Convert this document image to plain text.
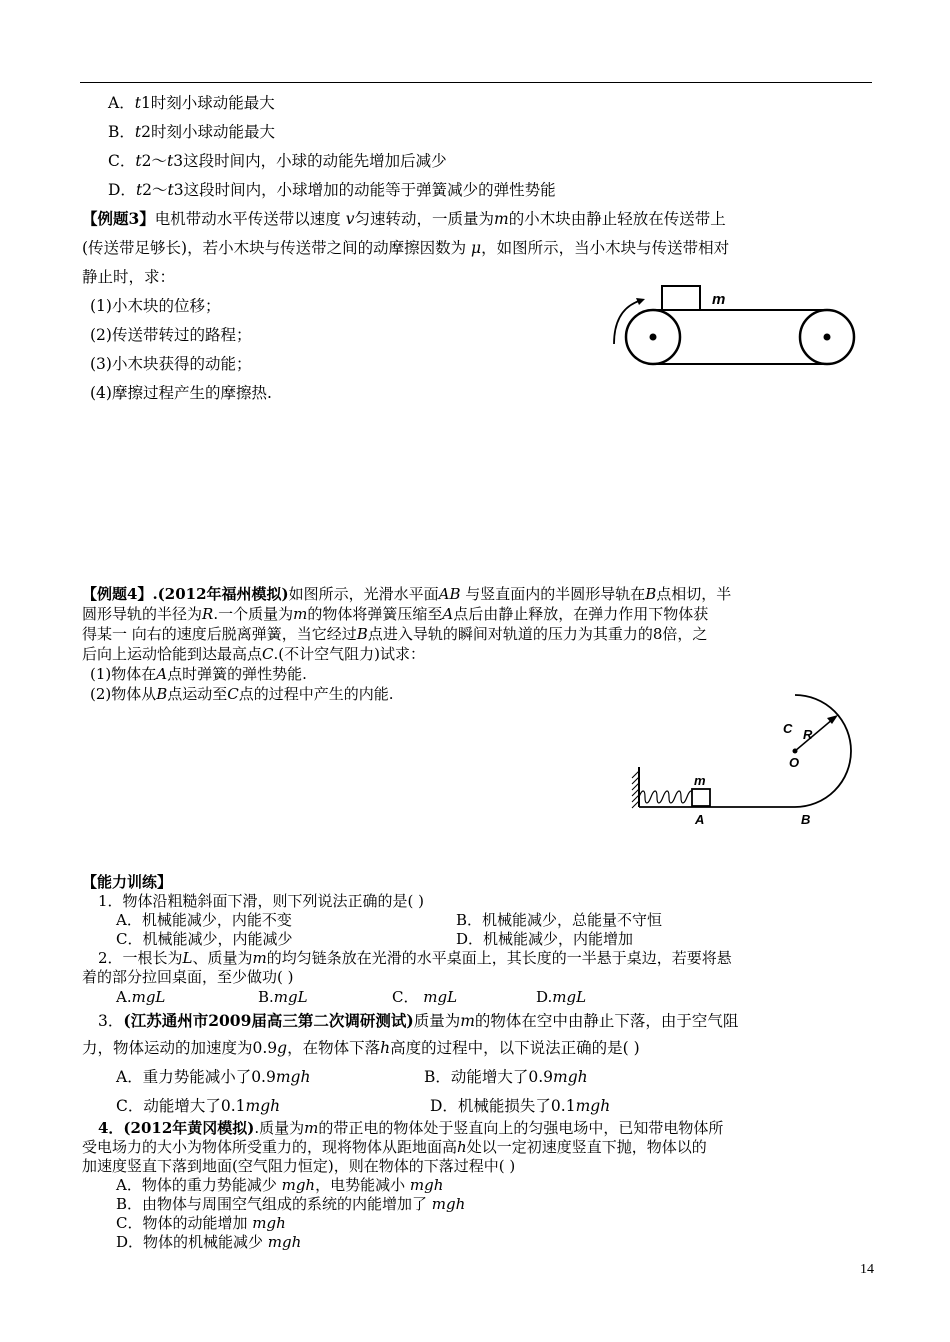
A．t1时刻小球动能最大
B．t2时刻小球动能最大
C．t2～t3这段时间内，小球的动能先增加后减少
D．t2～t3这段时间内，小球增加的动能等于弹簧减少的弹性势能
【例题3】电机带动水平传送带以速度 v匀速转动，一质量为m的小木块由静止轻放在传送带上
(传送带足够长)，若小木块与传送带之间的动摩擦因数为 μ，如图所示，当小木块与传送带相对
静止时，求：
(1)小木块的位移；
(2)传送带转过的路程；
(3)小木块获得的动能；
(4)摩擦过程产生的摩擦热.
m
【例题4】.(2012年福州模拟)如图所示，光滑水平面AB 与竖直面内的半圆形导轨在B点相切，半
圆形导轨的半径为R.一个质量为m的物体将弹簧压缩至A点后由静止释放，在弹力作用下物体获
得某一 向右的速度后脱离弹簧，当它经过B点进入导轨的瞬间对轨道的压力为其重力的8倍，之
后向上运动恰能到达最高点C.(不计空气阻力)试求：
(1)物体在A点时弹簧的弹性势能.
(2)物体从B点运动至C点的过程中产生的内能.
C R
O
m
A	B
【能力训练】
1．物体沿粗糙斜面下滑，则下列说法正确的是( )
A．机械能减少，内能不变	B．机械能减少，总能量不守恒
C．机械能减少，内能减少	D．机械能减少，内能增加
2．一根长为L、质量为m的均匀链条放在光滑的水平桌面上，其长度的一半悬于桌边，若要将悬
着的部分拉回桌面，至少做功( )
A.mgL	B.mgL	C． mgL	D.mgL
3．(江苏通州市2009届高三第二次调研测试)质量为m的物体在空中由静止下落，由于空气阻
力，物体运动的加速度为0.9g，在物体下落h高度的过程中，以下说法正确的是( )
A．重力势能减小了0.9mgh	B．动能增大了0.9mgh
C．动能增大了0.1mgh	D．机械能损失了0.1mgh
4．(2012年黄冈模拟).质量为m的带正电的物体处于竖直向上的匀强电场中，已知带电物体所
受电场力的大小为物体所受重力的，现将物体从距地面高h处以一定初速度竖直下抛，物体以的
加速度竖直下落到地面(空气阻力恒定)，则在物体的下落过程中( )
A．物体的重力势能减少 mgh，电势能减小 mgh
B．由物体与周围空气组成的系统的内能增加了 mgh
C．物体的动能增加 mgh
D．物体的机械能减少 mgh
14
